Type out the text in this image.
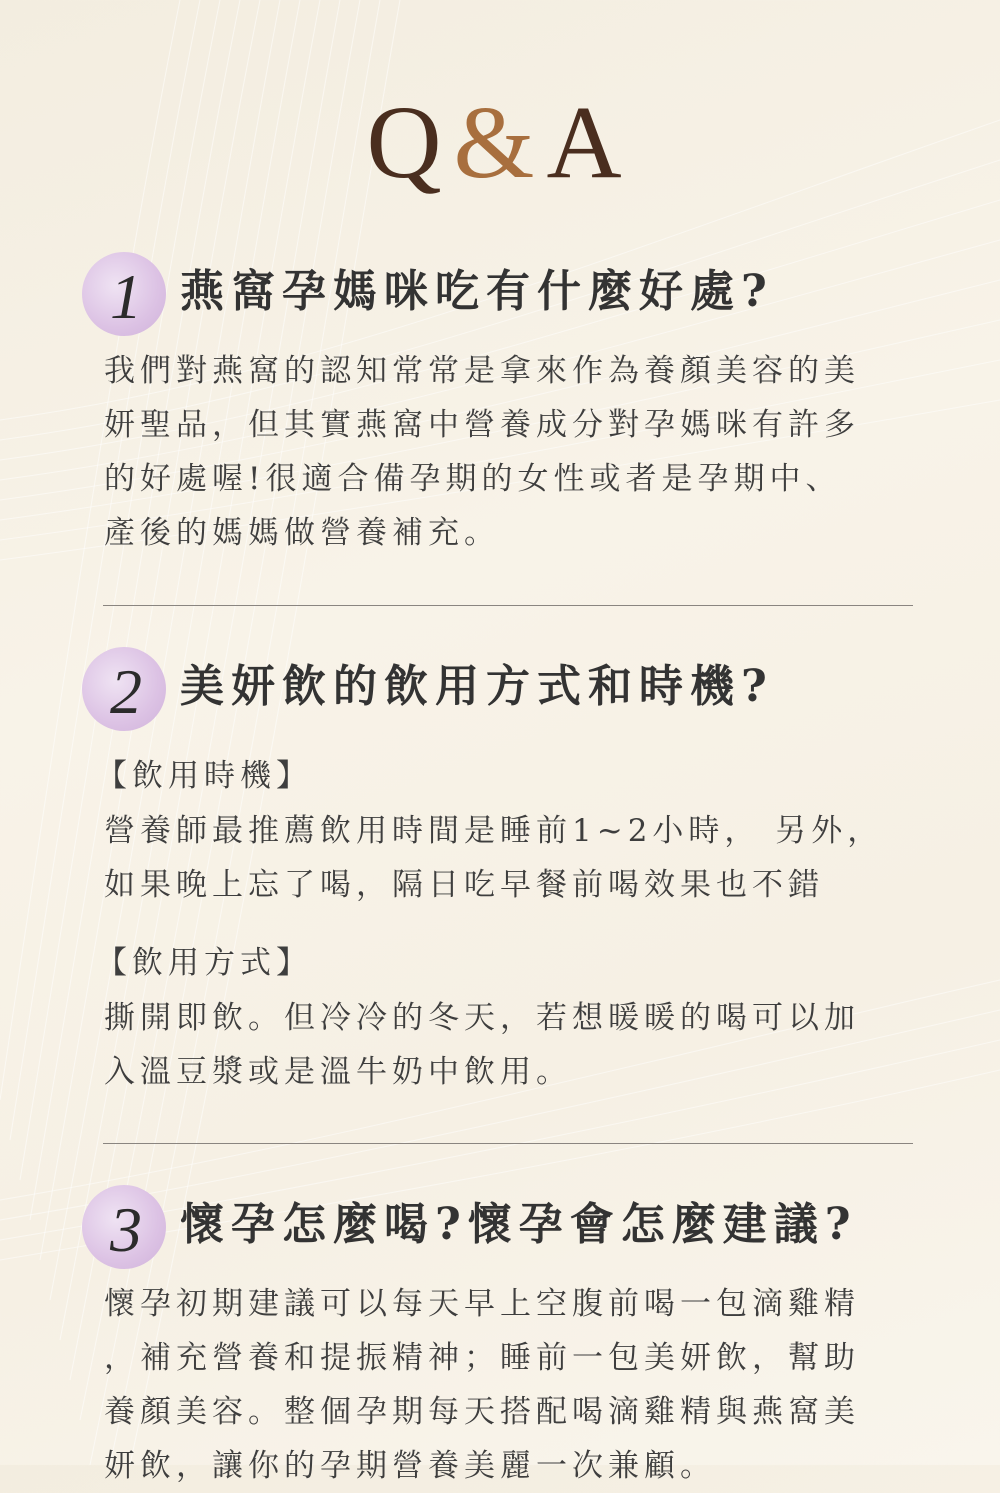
Q&A
1 燕窩孕媽咪吃有什麼好處?
我們對燕窩的認知常常是拿來作為養顏美容的美
妍聖品，但其實燕窩中營養成分對孕媽咪有許多
的好處喔!很適合備孕期的女性或者是孕期中、
產後的媽媽做營養補充。
2 美妍飲的飲用方式和時機?
【飲用時機】
營養師最推薦飲用時間是睡前1~2小時， 另外，
如果晚上忘了喝，隔日吃早餐前喝效果也不錯
【飲用方式】
撕開即飲。但冷冷的冬天，若想暖暖的喝可以加
入溫豆漿或是溫牛奶中飲用。
3 懷孕怎麼喝?懷孕會怎麼建議?
懷孕初期建議可以每天早上空腹前喝一包滴雞精
，補充營養和提振精神；睡前一包美妍飲，幫助
養顏美容。整個孕期每天搭配喝滴雞精與燕窩美
妍飲，讓你的孕期營養美麗一次兼顧。
